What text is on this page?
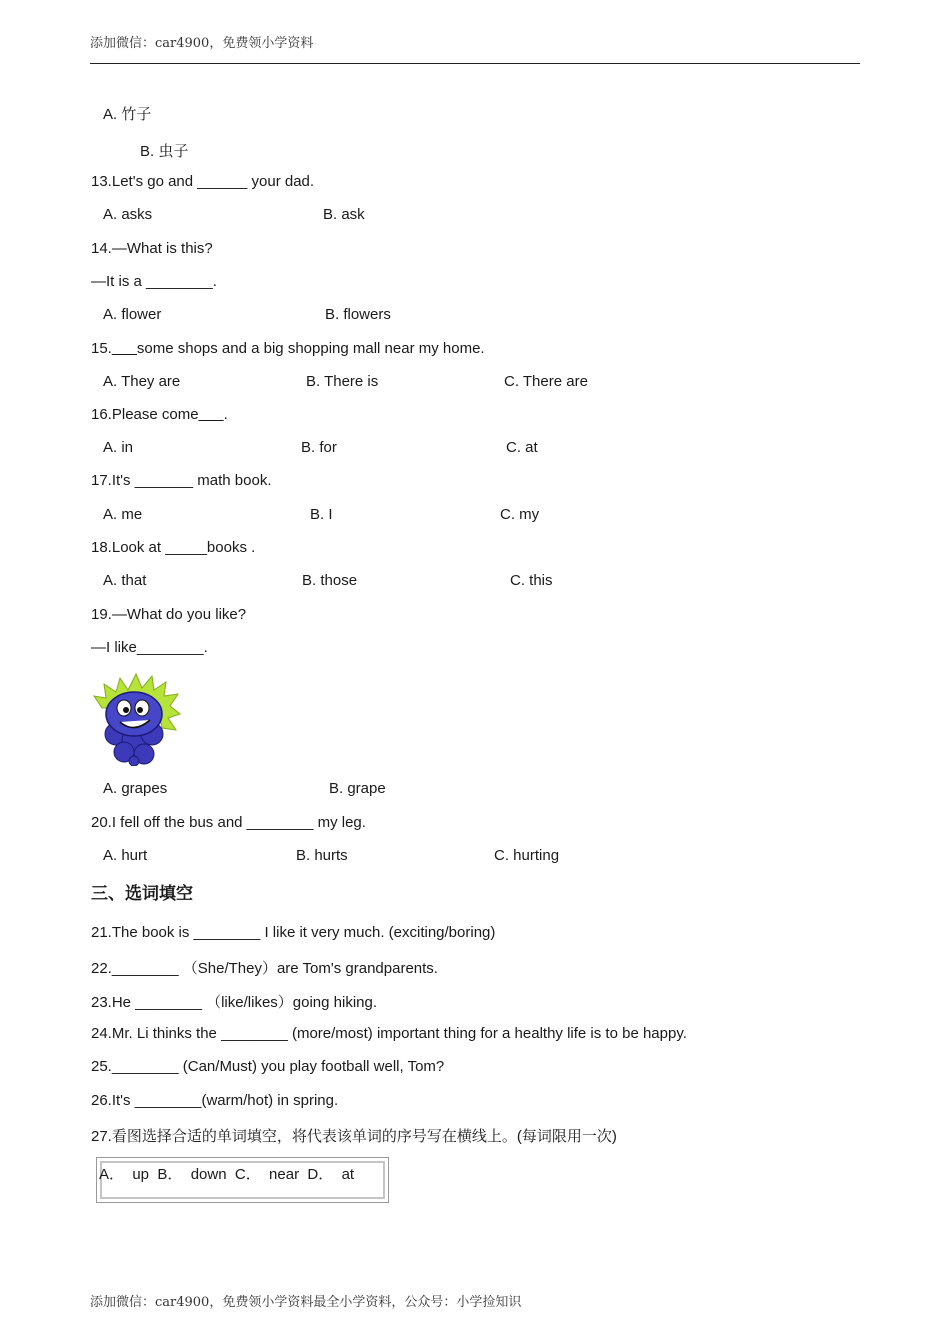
添加微信：car4900，免费领小学资料
A. 竹子
B. 虫子
13.Let's go and ______ your dad.
A. asks	B. ask
14.—What is this?
—It is a ________.
A. flower	B. flowers
15.___some shops and a big shopping mall near my home.
A. They are	B. There is	C. There are
16.Please come___.
A. in	B. for	C. at
17.It's _______ math book.
A. me	B. I	C. my
18.Look at _____books .
A. that	B. those	C. this
19.—What do you like?
—I like________.
A. grapes	B. grape
20.I fell off the bus and ________ my leg.
A. hurt	B. hurts	C. hurting
三、选词填空
21.The book is ________ I like it very much. (exciting/boring)
22.________ （She/They）are Tom's grandparents.
23.He ________ （like/likes）going hiking.
24.Mr. Li thinks the ________ (more/most) important thing for a healthy life is to be happy.
25.________ (Can/Must) you play football well, Tom?
26.It's ________(warm/hot) in spring.
27.看图选择合适的单词填空，将代表该单词的序号写在横线上。(每词限用一次)
A．  up  B．  down  C．  near  D．  at
添加微信：car4900，免费领小学资料最全小学资料，公众号：小学捡知识
